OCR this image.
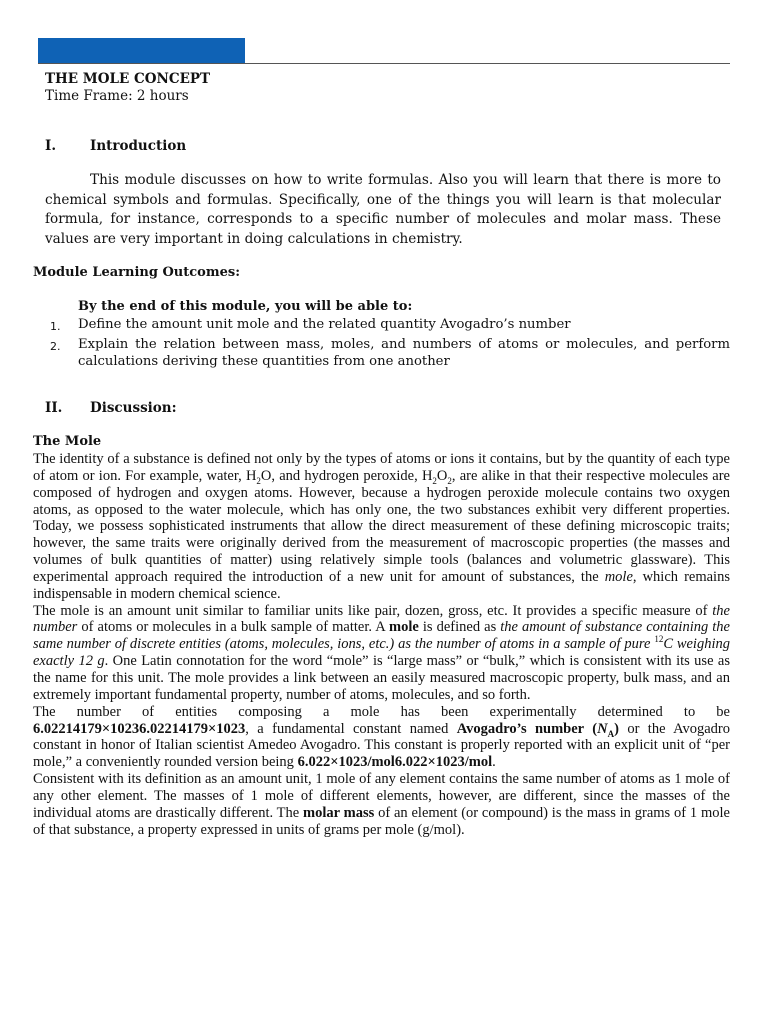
THE MOLE CONCEPT
Time Frame: 2 hours
I.	Introduction

This module discusses on how to write formulas. Also you will learn that there is more to chemical symbols and formulas. Specifically, one of the things you will learn is that molecular formula, for instance, corresponds to a specific number of molecules and molar mass. These values are very important in doing calculations in chemistry.

Module Learning Outcomes:
By the end of this module, you will be able to:
1.	Define the amount unit mole and the related quantity Avogadro’s number
2.	Explain the relation between mass, moles, and numbers of atoms or molecules, and perform calculations deriving these quantities from one another
II.	Discussion:
The Mole

The identity of a substance is defined not only by the types of atoms or ions it contains, but by the quantity of each type of atom or ion. For example, water, $H_2O$, and hydrogen peroxide, $H_2O_2$, are alike in that their respective molecules are composed of hydrogen and oxygen atoms. However, because a hydrogen peroxide molecule contains two oxygen atoms, as opposed to the water molecule, which has only one, the two substances exhibit very different properties. Today, we possess sophisticated instruments that allow the direct measurement of these defining microscopic traits; however, the same traits were originally derived from the measurement of macroscopic properties (the masses and volumes of bulk quantities of matter) using relatively simple tools (balances and volumetric glassware). This experimental approach required the introduction of a new unit for amount of substances, the mole, which remains indispensable in modern chemical science.

The mole is an amount unit similar to familiar units like pair, dozen, gross, etc. It provides a specific measure of the number of atoms or molecules in a bulk sample of matter. A mole is defined as the amount of substance containing the same number of discrete entities (atoms, molecules, ions, etc.) as the number of atoms in a sample of pure $^{12}$C weighing exactly 12 g. One Latin connotation for the word “mole” is “large mass” or “bulk,” which is consistent with its use as the name for this unit. The mole provides a link between an easily measured macroscopic property, bulk mass, and an extremely important fundamental property, number of atoms, molecules, and so forth.

The number of entities composing a mole has been experimentally determined to be 6.02214179×10236.02214179×1023, a fundamental constant named Avogadro’s number $(N_A)$ or the Avogadro constant in honor of Italian scientist Amedeo Avogadro. This constant is properly reported with an explicit unit of “per mole,” a conveniently rounded version being 6.022×1023/mol6.022×1023/mol.

Consistent with its definition as an amount unit, 1 mole of any element contains the same number of atoms as 1 mole of any other element. The masses of 1 mole of different elements, however, are different, since the masses of the individual atoms are drastically different. The molar mass of an element (or compound) is the mass in grams of 1 mole of that substance, a property expressed in units of grams per mole (g/mol).
